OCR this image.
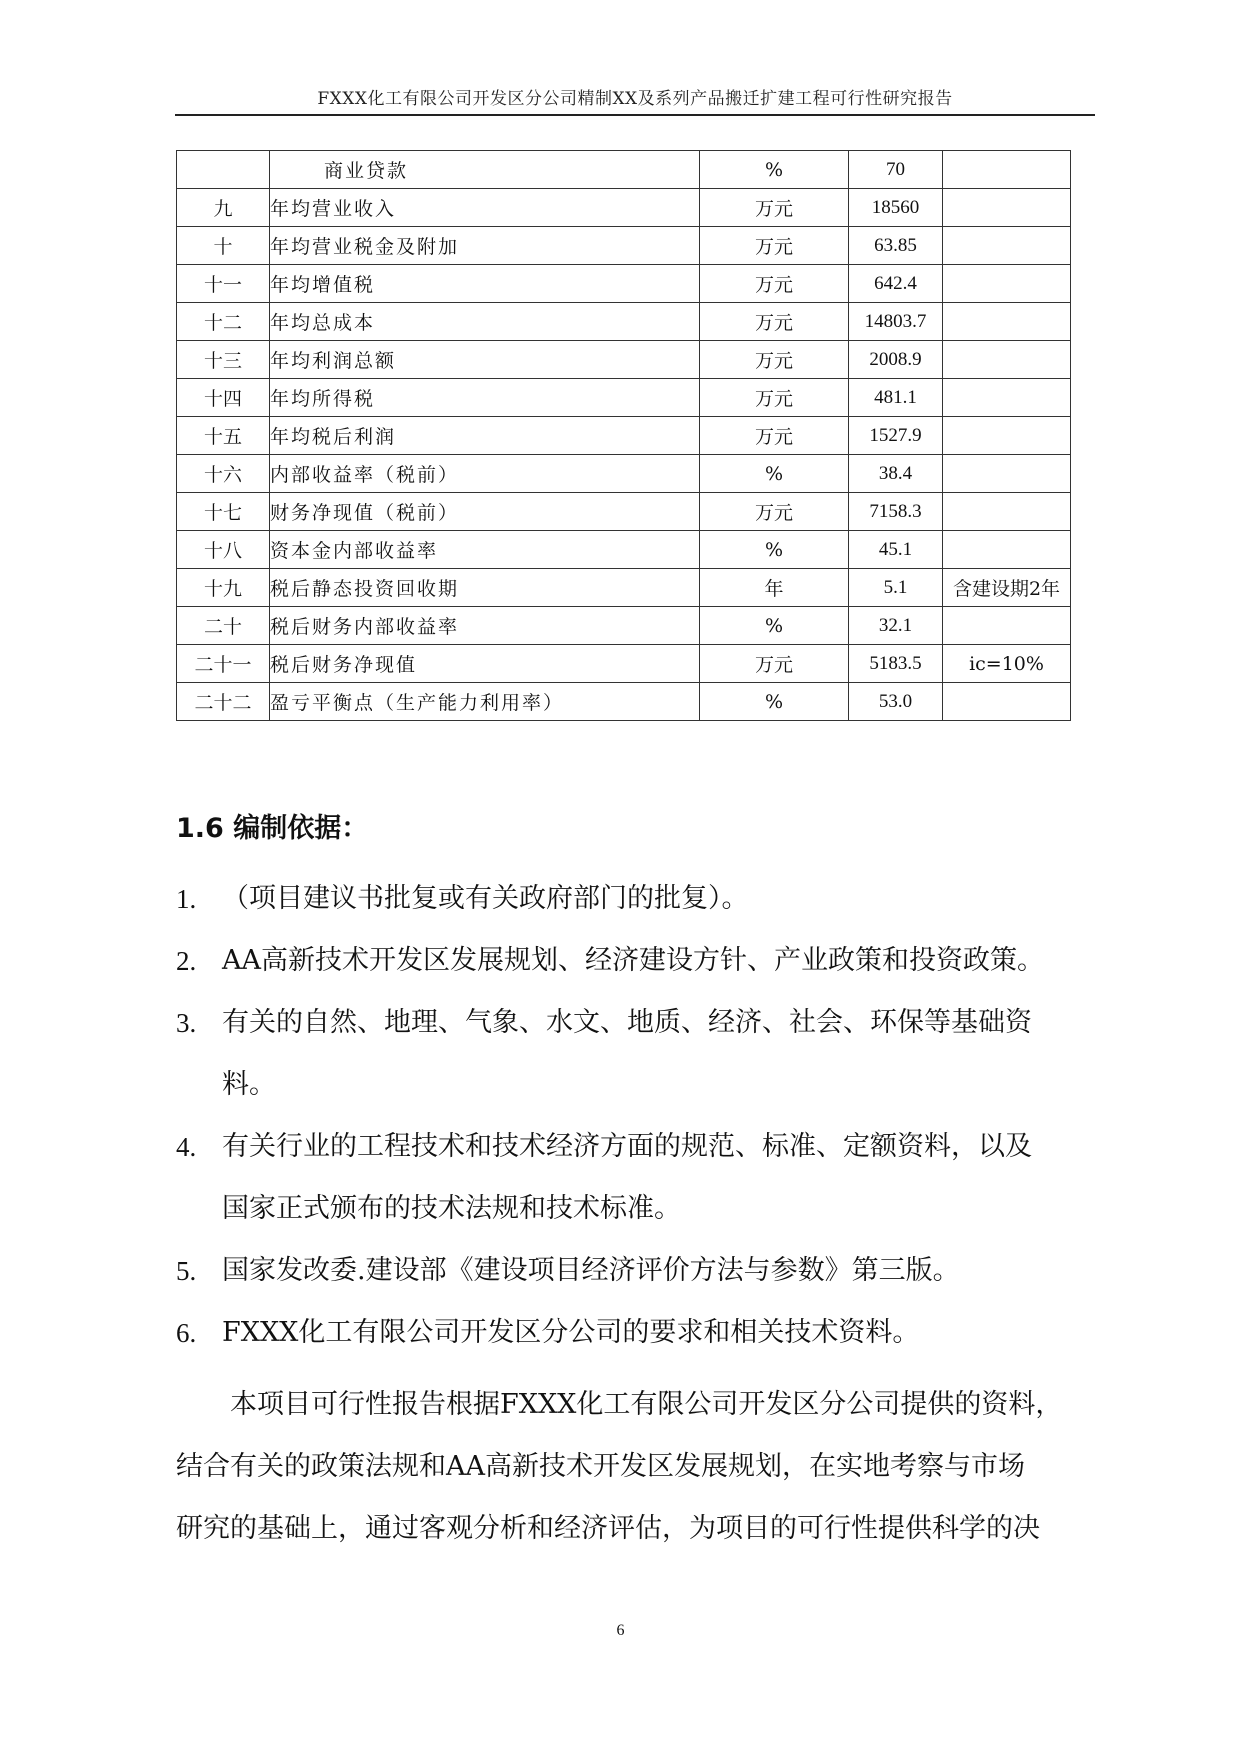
FXXX化工有限公司开发区分公司精制XX及系列产品搬迁扩建工程可行性研究报告
	商业贷款	%	70	
九	年均营业收入	万元	18560	
十	年均营业税金及附加	万元	63.85	
十一	年均增值税	万元	642.4	
十二	年均总成本	万元	14803.7	
十三	年均利润总额	万元	2008.9	
十四	年均所得税	万元	481.1	
十五	年均税后利润	万元	1527.9	
十六	内部收益率（税前）	%	38.4	
十七	财务净现值（税前）	万元	7158.3	
十八	资本金内部收益率	%	45.1	
十九	税后静态投资回收期	年	5.1	含建设期2年
二十	税后财务内部收益率	%	32.1	
二十一	税后财务净现值	万元	5183.5	ic=10%
二十二	盈亏平衡点（生产能力利用率）	%	53.0	
1.6 编制依据：
1. （项目建议书批复或有关政府部门的批复）。
2. AA高新技术开发区发展规划、经济建设方针、产业政策和投资政策。
3. 有关的自然、地理、气象、水文、地质、经济、社会、环保等基础资
料。
4. 有关行业的工程技术和技术经济方面的规范、标准、定额资料，以及
国家正式颁布的技术法规和技术标准。
5. 国家发改委.建设部《建设项目经济评价方法与参数》第三版。
6. FXXX化工有限公司开发区分公司的要求和相关技术资料。
　　本项目可行性报告根据FXXX化工有限公司开发区分公司提供的资料，
结合有关的政策法规和AA高新技术开发区发展规划，在实地考察与市场
研究的基础上，通过客观分析和经济评估，为项目的可行性提供科学的决
6
